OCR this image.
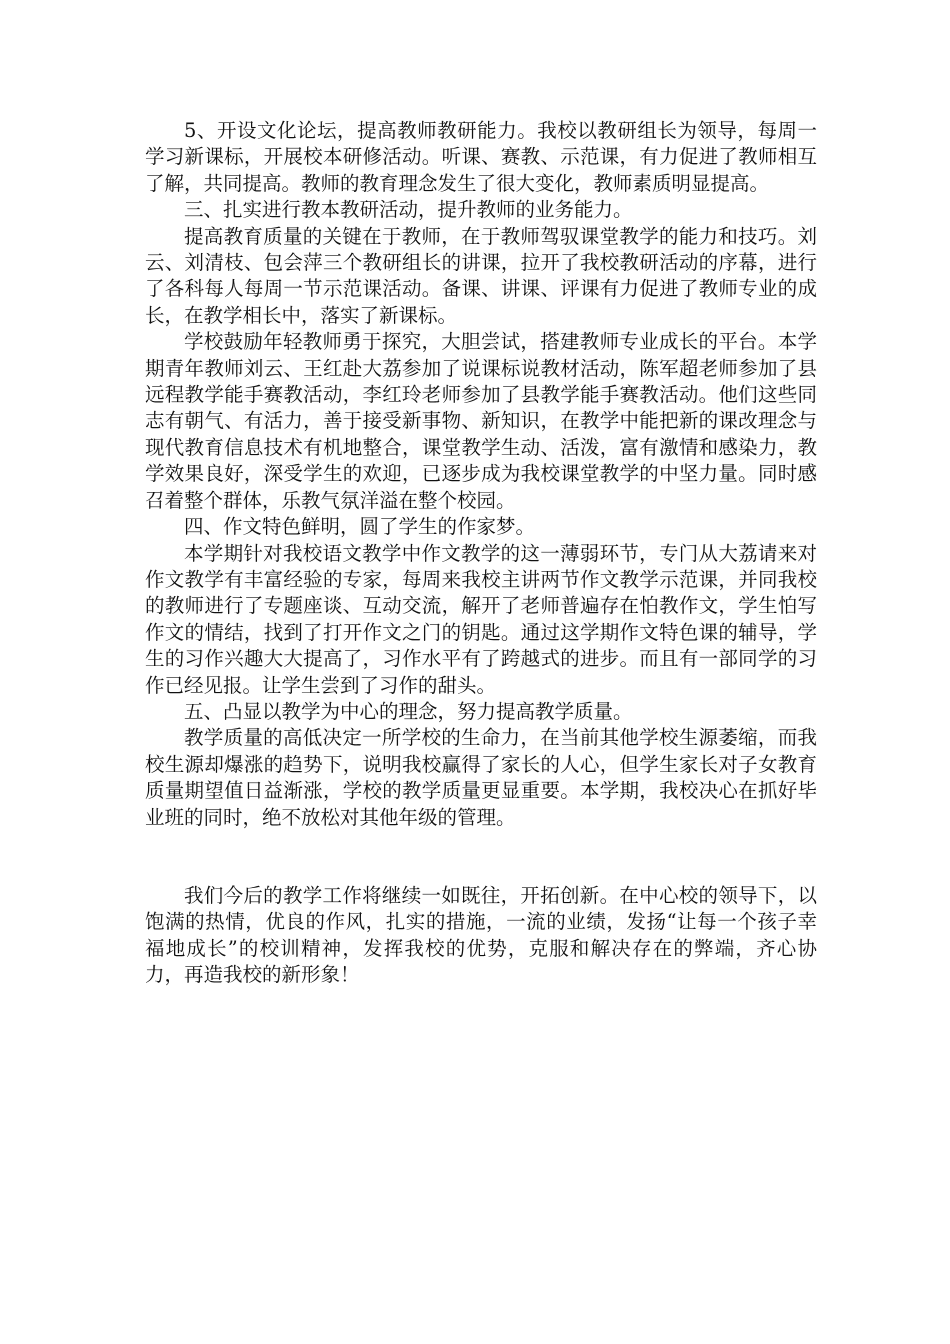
5、开设文化论坛，提高教师教研能力。我校以教研组长为领导，每周一学习新课标，开展校本研修活动。听课、赛教、示范课，有力促进了教师相互了解，共同提高。教师的教育理念发生了很大变化，教师素质明显提高。

三、扎实进行教本教研活动，提升教师的业务能力。

提高教育质量的关键在于教师，在于教师驾驭课堂教学的能力和技巧。刘云、刘清枝、包会萍三个教研组长的讲课，拉开了我校教研活动的序幕，进行了各科每人每周一节示范课活动。备课、讲课、评课有力促进了教师专业的成长，在教学相长中，落实了新课标。

学校鼓励年轻教师勇于探究，大胆尝试，搭建教师专业成长的平台。本学期青年教师刘云、王红赴大荔参加了说课标说教材活动，陈军超老师参加了县远程教学能手赛教活动，李红玲老师参加了县教学能手赛教活动。他们这些同志有朝气、有活力，善于接受新事物、新知识，在教学中能把新的课改理念与现代教育信息技术有机地整合，课堂教学生动、活泼，富有激情和感染力，教学效果良好，深受学生的欢迎，已逐步成为我校课堂教学的中坚力量。同时感召着整个群体，乐教气氛洋溢在整个校园。

四、作文特色鲜明，圆了学生的作家梦。

本学期针对我校语文教学中作文教学的这一薄弱环节，专门从大荔请来对作文教学有丰富经验的专家，每周来我校主讲两节作文教学示范课，并同我校的教师进行了专题座谈、互动交流，解开了老师普遍存在怕教作文，学生怕写作文的情结，找到了打开作文之门的钥匙。通过这学期作文特色课的辅导，学生的习作兴趣大大提高了，习作水平有了跨越式的进步。而且有一部同学的习作已经见报。让学生尝到了习作的甜头。

五、凸显以教学为中心的理念，努力提高教学质量。

教学质量的高低决定一所学校的生命力，在当前其他学校生源萎缩，而我校生源却爆涨的趋势下，说明我校赢得了家长的人心，但学生家长对子女教育质量期望值日益渐涨，学校的教学质量更显重要。本学期，我校决心在抓好毕业班的同时，绝不放松对其他年级的管理。

我们今后的教学工作将继续一如既往，开拓创新。在中心校的领导下，以饱满的热情，优良的作风，扎实的措施，一流的业绩，发扬“让每一个孩子幸福地成长”的校训精神，发挥我校的优势，克服和解决存在的弊端，齐心协力，再造我校的新形象！
